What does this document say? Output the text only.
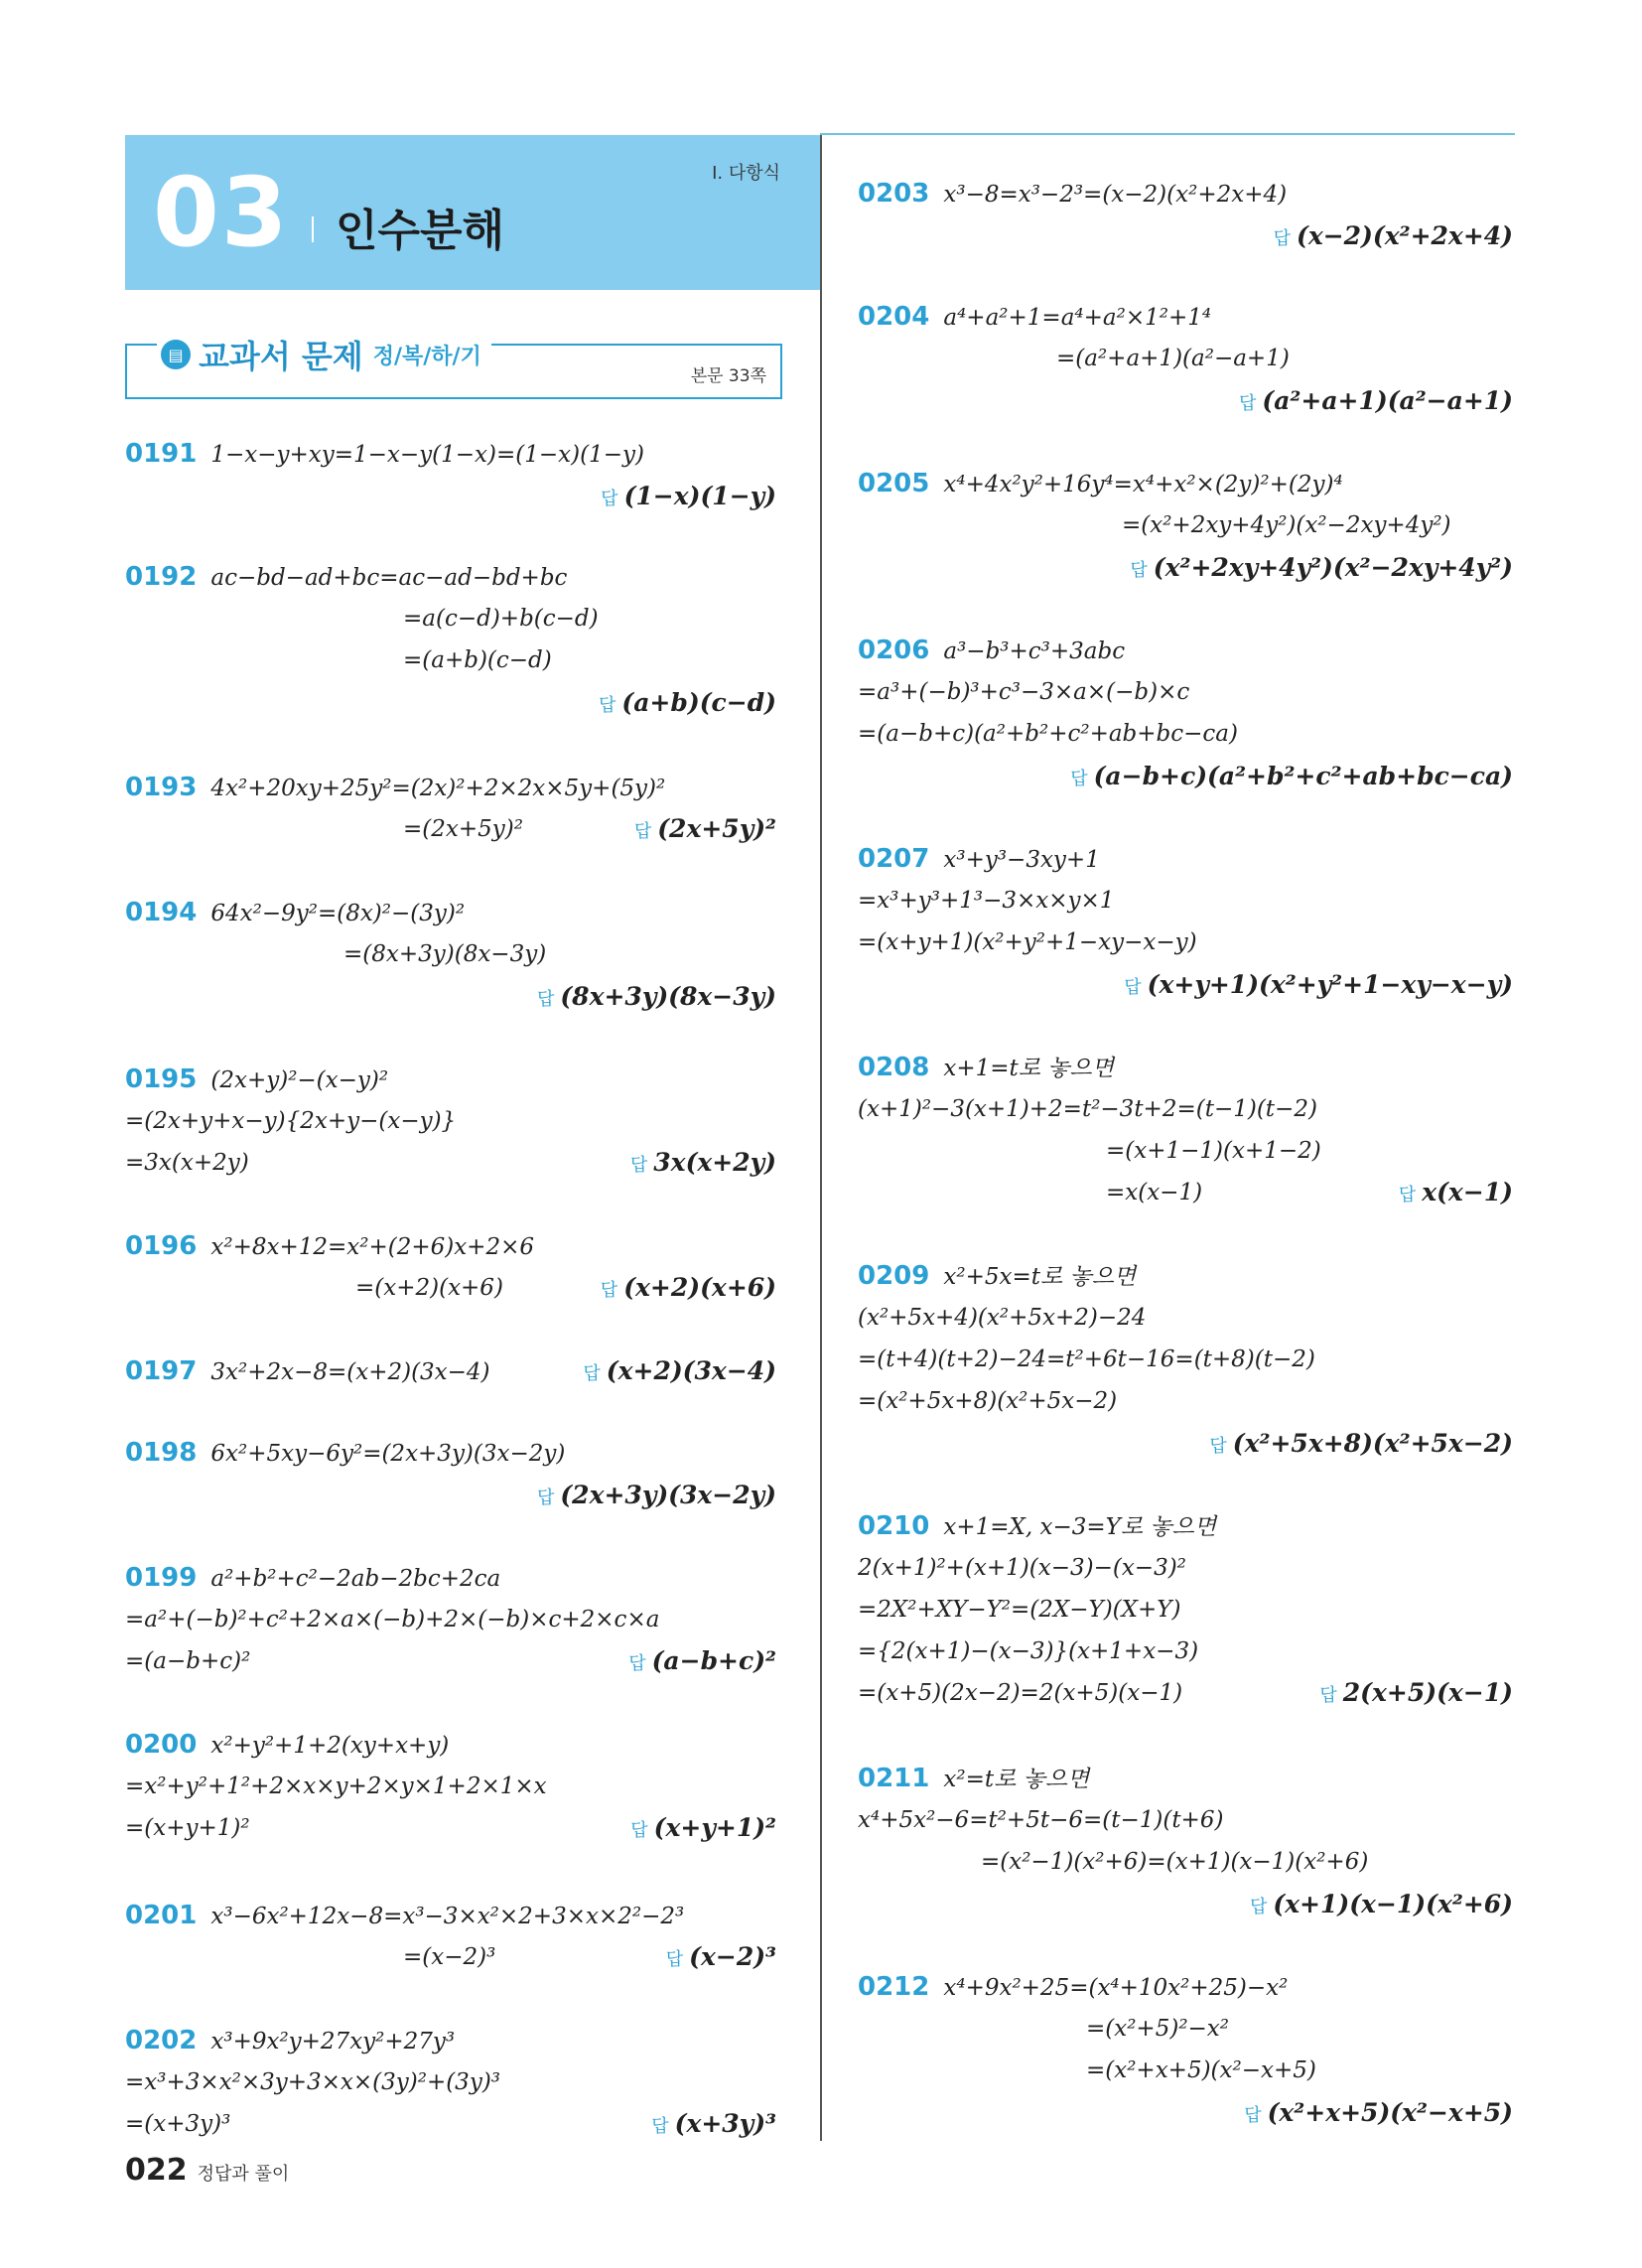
03 인수분해
Ⅰ. 다항식
▤ 교과서 문제 정/복/하/기
본문 33쪽
0191 1−x−y+xy=1−x−y(1−x)=(1−x)(1−y)
답 (1−x)(1−y)
0192 ac−bd−ad+bc=ac−ad−bd+bc
=a(c−d)+b(c−d)
=(a+b)(c−d)
답 (a+b)(c−d)
0193 4x²+20xy+25y²=(2x)²+2×2x×5y+(5y)²
=(2x+5y)²	답 (2x+5y)²
0194 64x²−9y²=(8x)²−(3y)²
=(8x+3y)(8x−3y)
답 (8x+3y)(8x−3y)
0195 (2x+y)²−(x−y)²
=(2x+y+x−y){2x+y−(x−y)}
=3x(x+2y)	답 3x(x+2y)
0196 x²+8x+12=x²+(2+6)x+2×6
=(x+2)(x+6)	답 (x+2)(x+6)
0197 3x²+2x−8=(x+2)(3x−4)	답 (x+2)(3x−4)
0198 6x²+5xy−6y²=(2x+3y)(3x−2y)
답 (2x+3y)(3x−2y)
0199 a²+b²+c²−2ab−2bc+2ca
=a²+(−b)²+c²+2×a×(−b)+2×(−b)×c+2×c×a
=(a−b+c)²	답 (a−b+c)²
0200 x²+y²+1+2(xy+x+y)
=x²+y²+1²+2×x×y+2×y×1+2×1×x
=(x+y+1)²	답 (x+y+1)²
0201 x³−6x²+12x−8=x³−3×x²×2+3×x×2²−2³
=(x−2)³	답 (x−2)³
0202 x³+9x²y+27xy²+27y³
=x³+3×x²×3y+3×x×(3y)²+(3y)³
=(x+3y)³	답 (x+3y)³
0203 x³−8=x³−2³=(x−2)(x²+2x+4)
답 (x−2)(x²+2x+4)
0204 a⁴+a²+1=a⁴+a²×1²+1⁴
=(a²+a+1)(a²−a+1)
답 (a²+a+1)(a²−a+1)
0205 x⁴+4x²y²+16y⁴=x⁴+x²×(2y)²+(2y)⁴
=(x²+2xy+4y²)(x²−2xy+4y²)
답 (x²+2xy+4y²)(x²−2xy+4y²)
0206 a³−b³+c³+3abc
=a³+(−b)³+c³−3×a×(−b)×c
=(a−b+c)(a²+b²+c²+ab+bc−ca)
답 (a−b+c)(a²+b²+c²+ab+bc−ca)
0207 x³+y³−3xy+1
=x³+y³+1³−3×x×y×1
=(x+y+1)(x²+y²+1−xy−x−y)
답 (x+y+1)(x²+y²+1−xy−x−y)
0208 x+1=t로 놓으면
(x+1)²−3(x+1)+2=t²−3t+2=(t−1)(t−2)
=(x+1−1)(x+1−2)
=x(x−1)	답 x(x−1)
0209 x²+5x=t로 놓으면
(x²+5x+4)(x²+5x+2)−24
=(t+4)(t+2)−24=t²+6t−16=(t+8)(t−2)
=(x²+5x+8)(x²+5x−2)
답 (x²+5x+8)(x²+5x−2)
0210 x+1=X, x−3=Y로 놓으면
2(x+1)²+(x+1)(x−3)−(x−3)²
=2X²+XY−Y²=(2X−Y)(X+Y)
={2(x+1)−(x−3)}(x+1+x−3)
=(x+5)(2x−2)=2(x+5)(x−1)	답 2(x+5)(x−1)
0211 x²=t로 놓으면
x⁴+5x²−6=t²+5t−6=(t−1)(t+6)
=(x²−1)(x²+6)=(x+1)(x−1)(x²+6)
답 (x+1)(x−1)(x²+6)
0212 x⁴+9x²+25=(x⁴+10x²+25)−x²
=(x²+5)²−x²
=(x²+x+5)(x²−x+5)
답 (x²+x+5)(x²−x+5)
022 정답과 풀이
